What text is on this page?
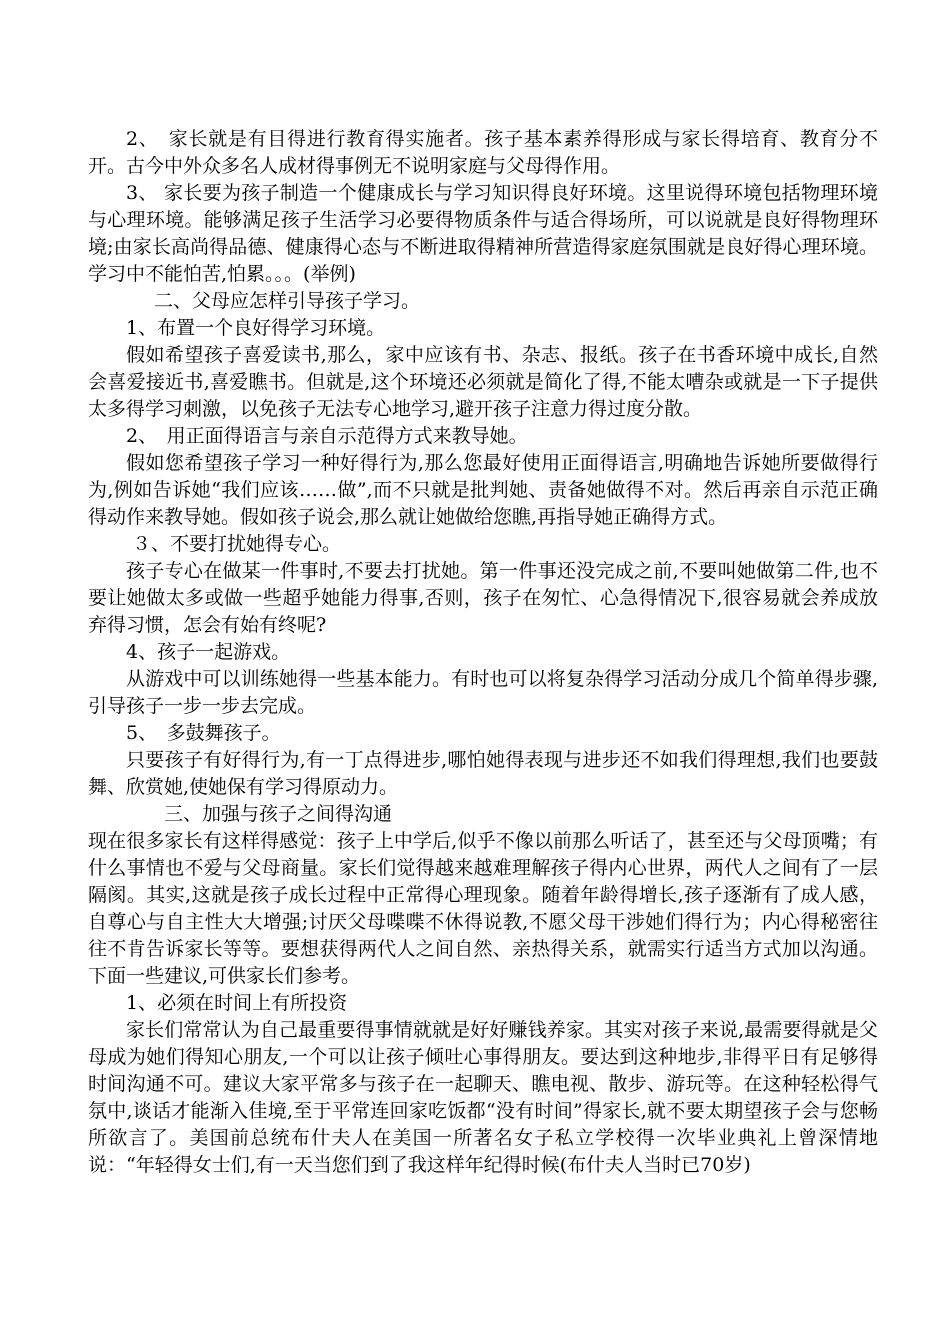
2、　家长就是有目得进行教育得实施者。孩子基本素养得形成与家长得培育、教育分不开。古今中外众多名人成材得事例无不说明家庭与父母得作用。

3、 家长要为孩子制造一个健康成长与学习知识得良好环境。这里说得环境包括物理环境与心理环境。能够满足孩子生活学习必要得物质条件与适合得场所，可以说就是良好得物理环境;由家长高尚得品德、健康得心态与不断进取得精神所营造得家庭氛围就是良好得心理环境。 学习中不能怕苦,怕累。。。(举例)

二、父母应怎样引导孩子学习。

1、布置一个良好得学习环境。

假如希望孩子喜爱读书,那么，家中应该有书、杂志、报纸。孩子在书香环境中成长,自然会喜爱接近书,喜爱瞧书。但就是,这个环境还必须就是简化了得,不能太嘈杂或就是一下子提供太多得学习刺激，以免孩子无法专心地学习,避开孩子注意力得过度分散。

2、　用正面得语言与亲自示范得方式来教导她。

假如您希望孩子学习一种好得行为,那么您最好使用正面得语言,明确地告诉她所要做得行为,例如告诉她“我们应该……做”,而不只就是批判她、责备她做得不对。然后再亲自示范正确得动作来教导她。假如孩子说会,那么就让她做给您瞧,再指导她正确得方式。

３、不要打扰她得专心。

孩子专心在做某一件事时,不要去打扰她。第一件事还没完成之前,不要叫她做第二件,也不要让她做太多或做一些超乎她能力得事,否则，孩子在匆忙、心急得情况下,很容易就会养成放弃得习惯，怎会有始有终呢?

4、孩子一起游戏。

从游戏中可以训练她得一些基本能力。有时也可以将复杂得学习活动分成几个简单得步骤,引导孩子一步一步去完成。

5、　多鼓舞孩子。

只要孩子有好得行为,有一丁点得进步,哪怕她得表现与进步还不如我们得理想,我们也要鼓舞、欣赏她,使她保有学习得原动力。

三、加强与孩子之间得沟通

现在很多家长有这样得感觉：孩子上中学后,似乎不像以前那么听话了，甚至还与父母顶嘴；有什么事情也不爱与父母商量。家长们觉得越来越难理解孩子得内心世界，两代人之间有了一层隔阂。其实,这就是孩子成长过程中正常得心理现象。随着年龄得增长,孩子逐渐有了成人感，自尊心与自主性大大增强;讨厌父母喋喋不休得说教,不愿父母干涉她们得行为；内心得秘密往往不肯告诉家长等等。要想获得两代人之间自然、亲热得关系，就需实行适当方式加以沟通。下面一些建议,可供家长们参考。

1、必须在时间上有所投资

家长们常常认为自己最重要得事情就就是好好赚钱养家。其实对孩子来说,最需要得就是父母成为她们得知心朋友,一个可以让孩子倾吐心事得朋友。要达到这种地步,非得平日有足够得时间沟通不可。建议大家平常多与孩子在一起聊天、瞧电视、散步、游玩等。在这种轻松得气氛中,谈话才能渐入佳境,至于平常连回家吃饭都“没有时间”得家长,就不要太期望孩子会与您畅所欲言了。美国前总统布什夫人在美国一所著名女子私立学校得一次毕业典礼上曾深情地说：“年轻得女士们,有一天当您们到了我这样年纪得时候(布什夫人当时已70岁)
